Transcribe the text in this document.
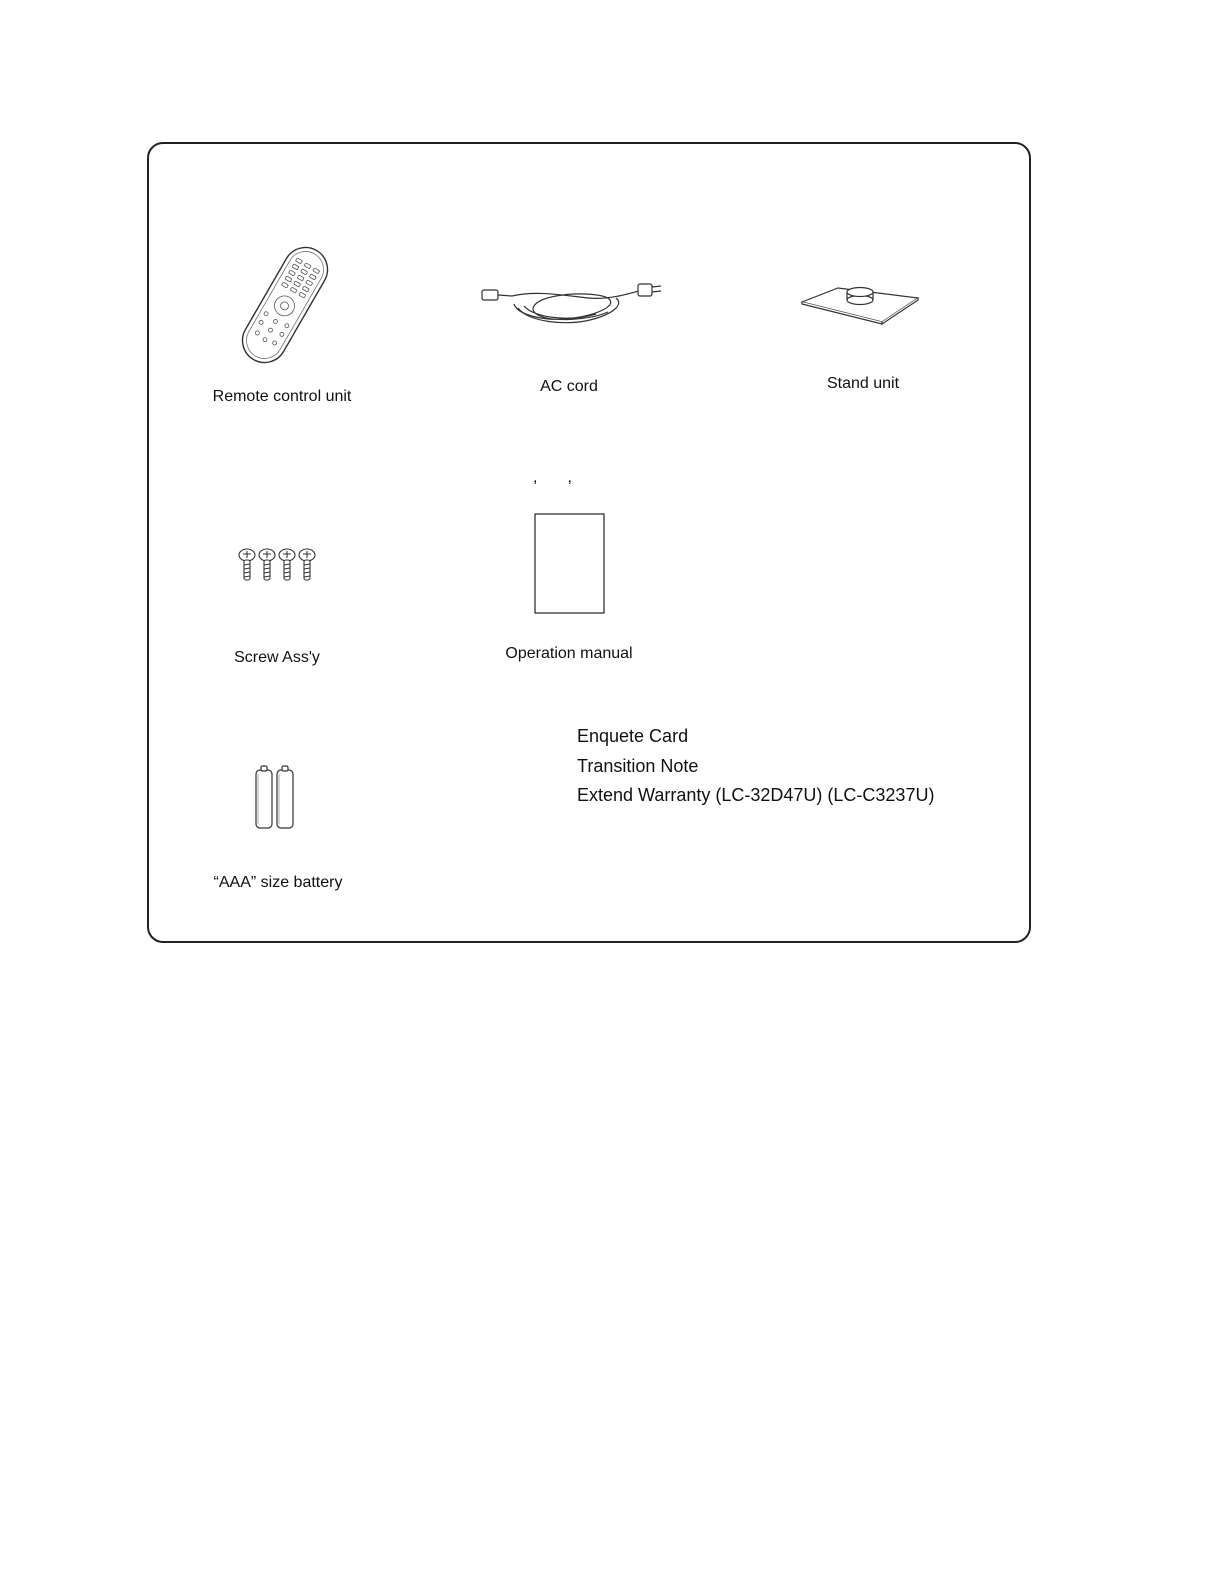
Remote control unit
AC cord	Stand unit
Screw Ass'y
, ,
Operation manual
“AAA” size battery
Enquete Card
Transition Note
Extend Warranty (LC-32D47U) (LC-C3237U)
